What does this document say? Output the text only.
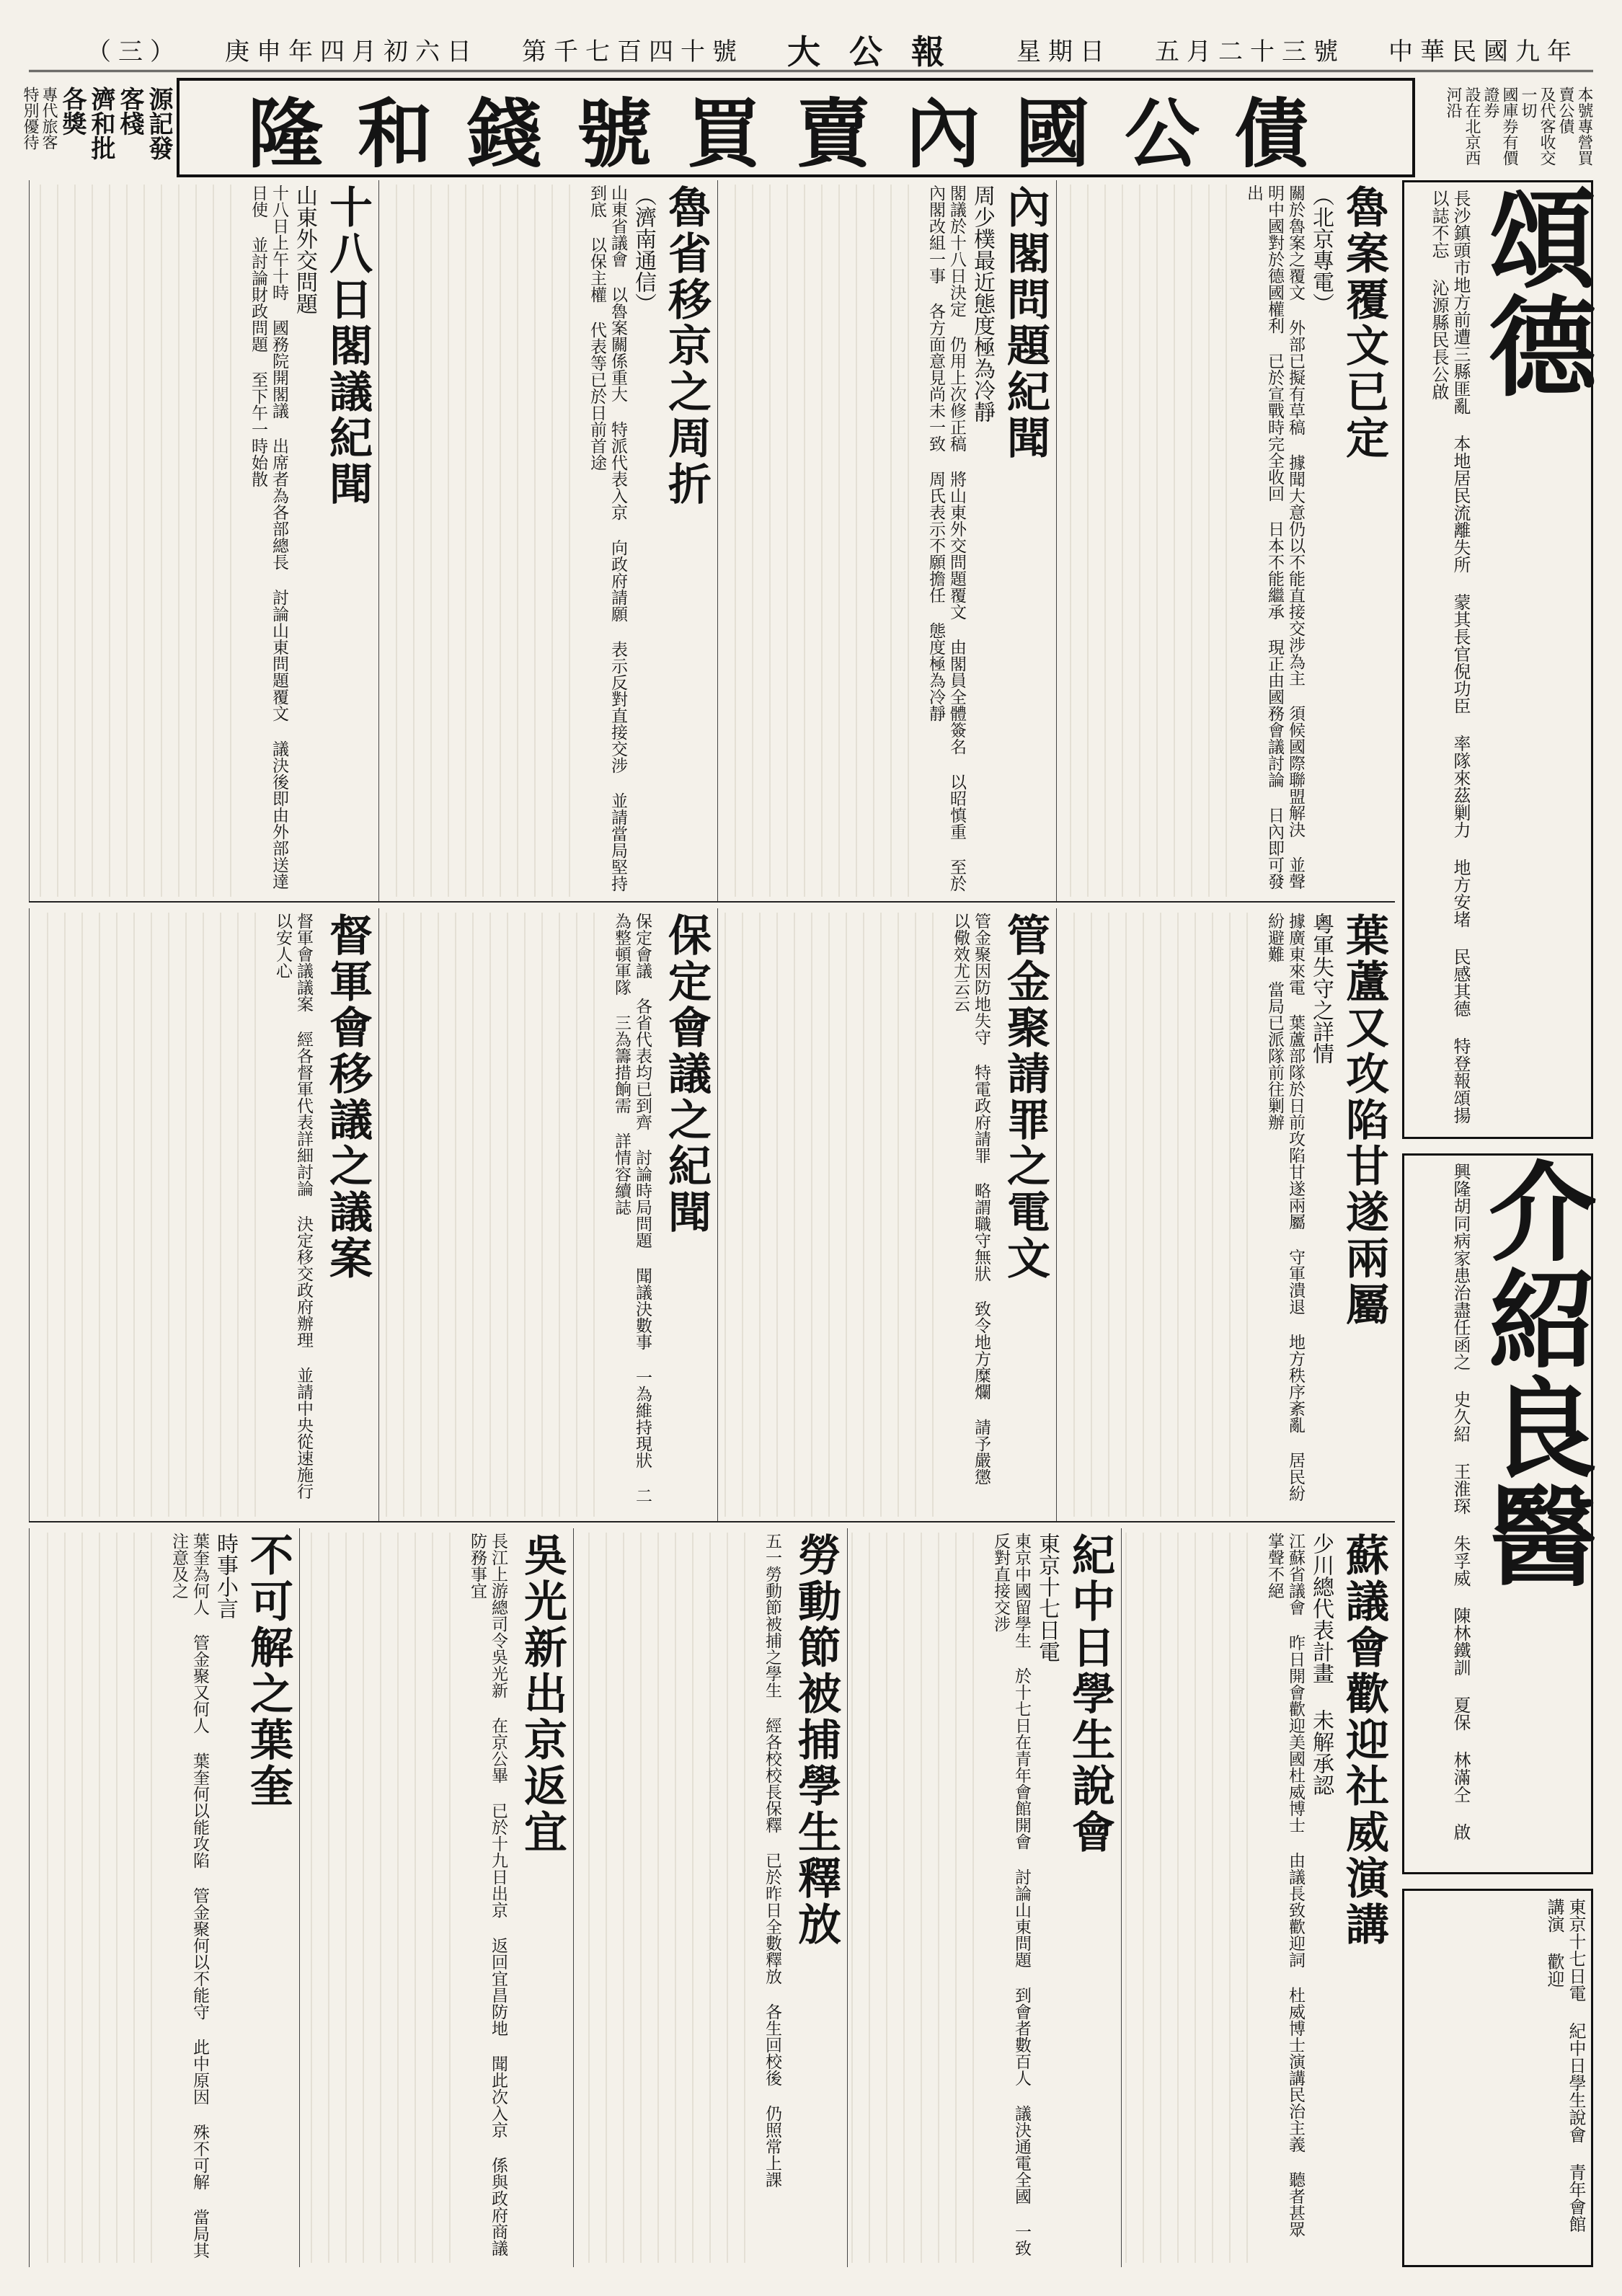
中華民國九年
五月二十三號
星期日
大公報
第千七百四十號
庚申年四月初六日
（三）
本號專營買賣公債
及代客收交一切
國庫券有價證券
設在北京西河沿
隆和錢號買賣內國公債
源記發客棧 濟和批各獎
專代旅客
特別優待
頌德
長沙鎮頭市地方前遭三縣匪亂 本地居民流離失所 蒙其長官倪功臣 率隊來茲剿力 地方安堵 民感其德 特登報頌揚 以誌不忘 沁源縣民長公啟
介紹良醫
興隆胡同病家患治盡任函之 史久紹 王淮琛 朱孚威 陳林鐵訓 夏保 林滿仝 啟
東京十七日電 紀中日學生說會 青年會館 講演 歡迎
魯案覆文已定
（北京專電）

關於魯案之覆文 外部已擬有草稿 據聞大意仍以不能直接交涉為主 須候國際聯盟解決 並聲明中國對於德國權利 已於宣戰時完全收回 日本不能繼承 現正由國務會議討論 日內即可發出

內閣問題紀聞
周少樸最近態度極為冷靜

閣議於十八日決定 仍用上次修正稿 將山東外交問題覆文 由閣員全體簽名 以昭慎重 至於內閣改組一事 各方面意見尚未一致 周氏表示不願擔任 態度極為冷靜

魯省移京之周折
（濟南通信）

山東省議會 以魯案關係重大 特派代表入京 向政府請願 表示反對直接交涉 並請當局堅持到底 以保主權 代表等已於日前首途

十八日閣議紀聞
山東外交問題

十八日上午十時 國務院開閣議 出席者為各部總長 討論山東問題覆文 議決後即由外部送達日使 並討論財政問題 至下午一時始散

葉蘆又攻陷甘遂兩屬
粵軍失守之詳情

據廣東來電 葉蘆部隊於日前攻陷甘遂兩屬 守軍潰退 地方秩序紊亂 居民紛紛避難 當局已派隊前往剿辦

管金聚請罪之電文

管金聚因防地失守 特電政府請罪 略謂職守無狀 致令地方糜爛 請予嚴懲 以儆效尤云云

保定會議之紀聞

保定會議 各省代表均已到齊 討論時局問題 聞議決數事 一為維持現狀 二為整頓軍隊 三為籌措餉需 詳情容續誌

督軍會移議之議案

督軍會議議案 經各督軍代表詳細討論 決定移交政府辦理 並請中央從速施行 以安人心

蘇議會歡迎社威演講
少川總代表計畫 未解承認

江蘇省議會 昨日開會歡迎美國杜威博士 由議長致歡迎詞 杜威博士演講民治主義 聽者甚眾 掌聲不絕

紀中日學生說會
東京十七日電

東京中國留學生 於十七日在青年會館開會 討論山東問題 到會者數百人 議決通電全國 一致反對直接交涉

勞動節被捕學生釋放

五一勞動節被捕之學生 經各校校長保釋 已於昨日全數釋放 各生回校後 仍照常上課

吳光新出京返宜

長江上游總司令吳光新 在京公畢 已於十九日出京 返回宜昌防地 聞此次入京 係與政府商議防務事宜

不可解之葉奎
時事小言

葉奎為何人 管金聚又何人 葉奎何以能攻陷 管金聚何以不能守 此中原因 殊不可解 當局其注意及之
